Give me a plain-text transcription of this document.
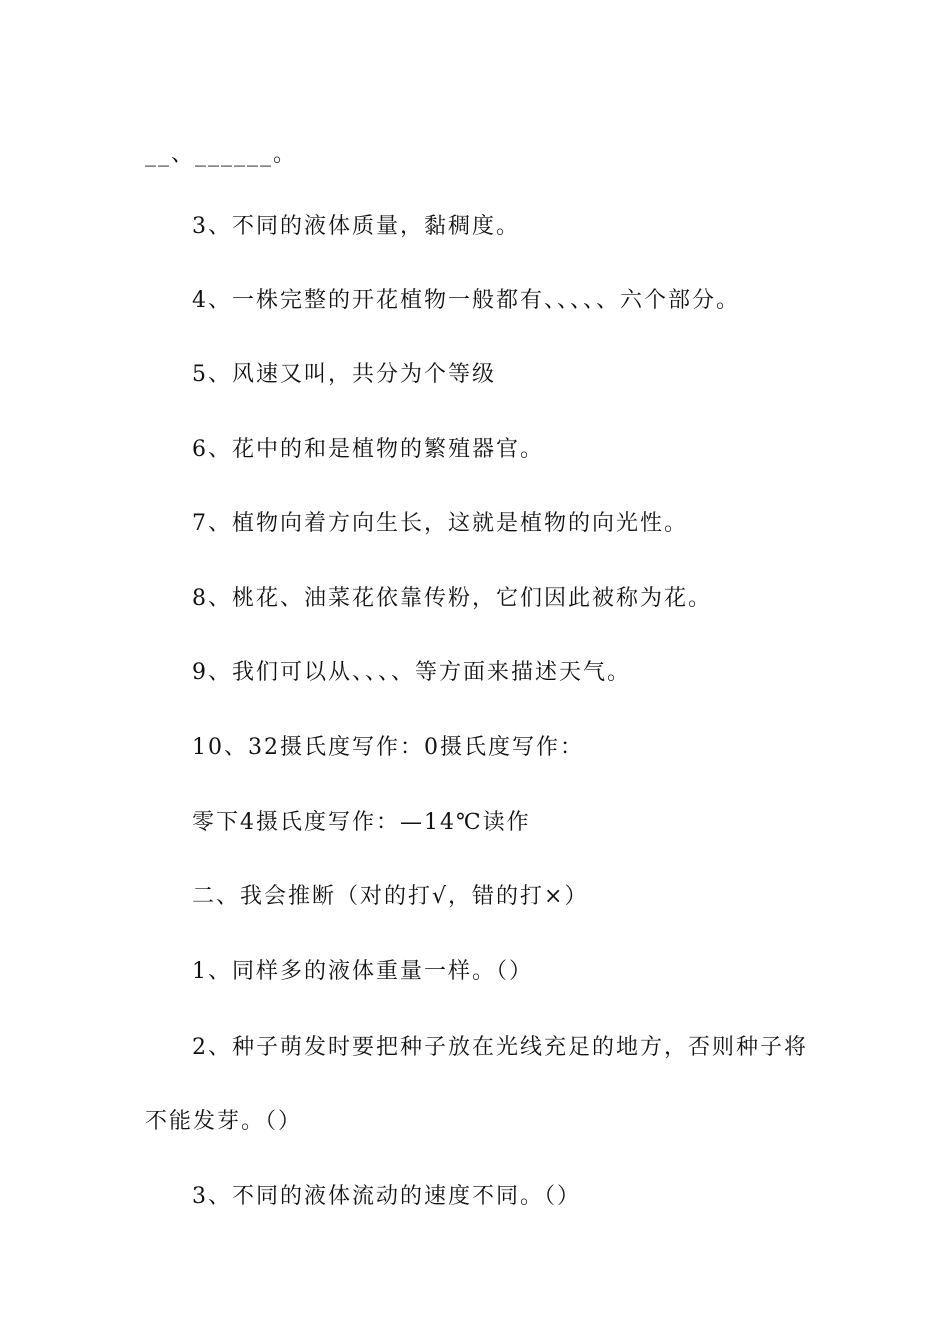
__、______。
3、不同的液体质量，黏稠度。
4、一株完整的开花植物一般都有、、、、、六个部分。
5、风速又叫，共分为个等级
6、花中的和是植物的繁殖器官。
7、植物向着方向生长，这就是植物的向光性。
8、桃花、油菜花依靠传粉，它们因此被称为花。
9、我们可以从、、、、等方面来描述天气。
10、32摄氏度写作：0摄氏度写作：
零下4摄氏度写作：—14℃读作
二、我会推断（对的打√，错的打×）
1、同样多的液体重量一样。（）
2、种子萌发时要把种子放在光线充足的地方，否则种子将
不能发芽。（）
3、不同的液体流动的速度不同。（）
